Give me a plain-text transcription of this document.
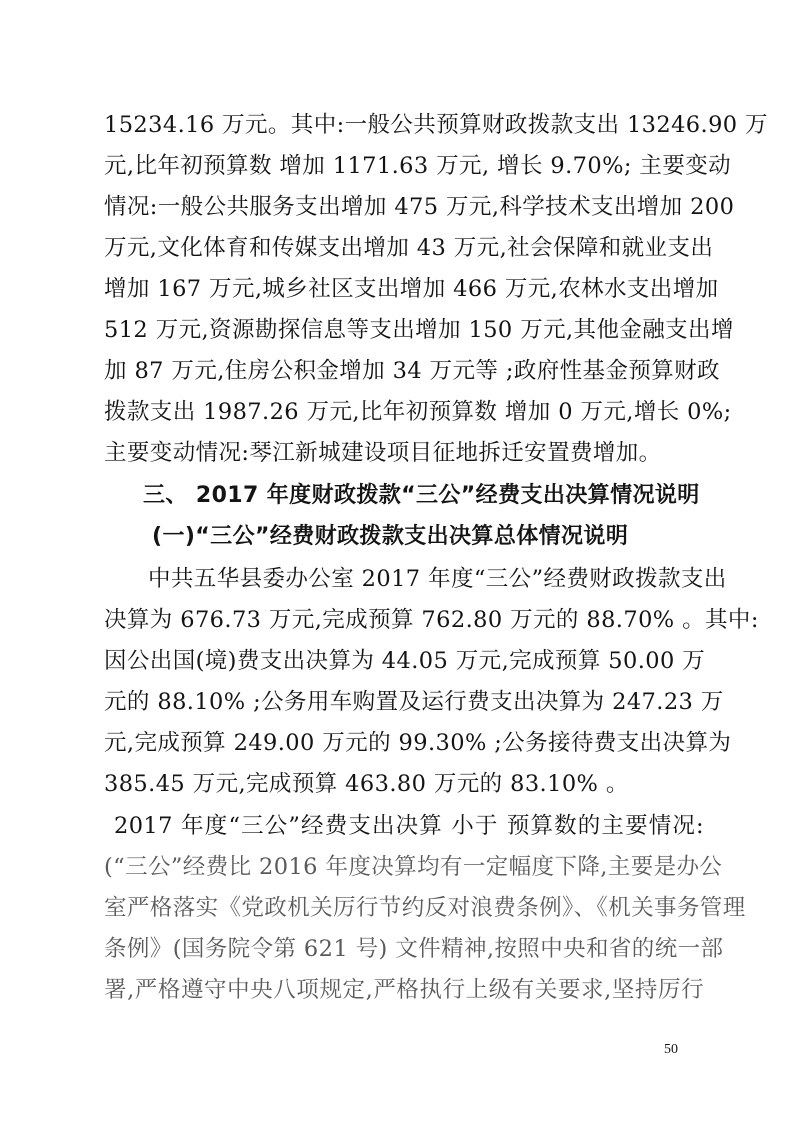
15234.16 万元。其中:一般公共预算财政拨款支出 13246.90 万
元,比年初预算数 增加 1171.63 万元, 增长 9.70%; 主要变动
情况:一般公共服务支出增加 475 万元,科学技术支出增加 200
万元,文化体育和传媒支出增加 43 万元,社会保障和就业支出
增加 167 万元,城乡社区支出增加 466 万元,农林水支出增加
512 万元,资源勘探信息等支出增加 150 万元,其他金融支出增
加 87 万元,住房公积金增加 34 万元等 ;政府性基金预算财政
拨款支出 1987.26 万元,比年初预算数 增加 0 万元,增长 0%;
主要变动情况:琴江新城建设项目征地拆迁安置费增加。
三、 2017 年度财政拨款“三公”经费支出决算情况说明
(一)“三公”经费财政拨款支出决算总体情况说明
中共五华县委办公室 2017 年度“三公”经费财政拨款支出
决算为 676.73 万元,完成预算 762.80 万元的 88.70% 。其中:
因公出国(境)费支出决算为 44.05 万元,完成预算 50.00 万
元的 88.10% ;公务用车购置及运行费支出决算为 247.23 万
元,完成预算 249.00 万元的 99.30% ;公务接待费支出决算为
385.45 万元,完成预算 463.80 万元的 83.10% 。
2017 年度“三公”经费支出决算 小于 预算数的主要情况:
(“三公”经费比 2016 年度决算均有一定幅度下降,主要是办公
室严格落实《党政机关厉行节约反对浪费条例》、《机关事务管理
条例》(国务院令第 621 号) 文件精神,按照中央和省的统一部
署,严格遵守中央八项规定,严格执行上级有关要求,坚持厉行
50
